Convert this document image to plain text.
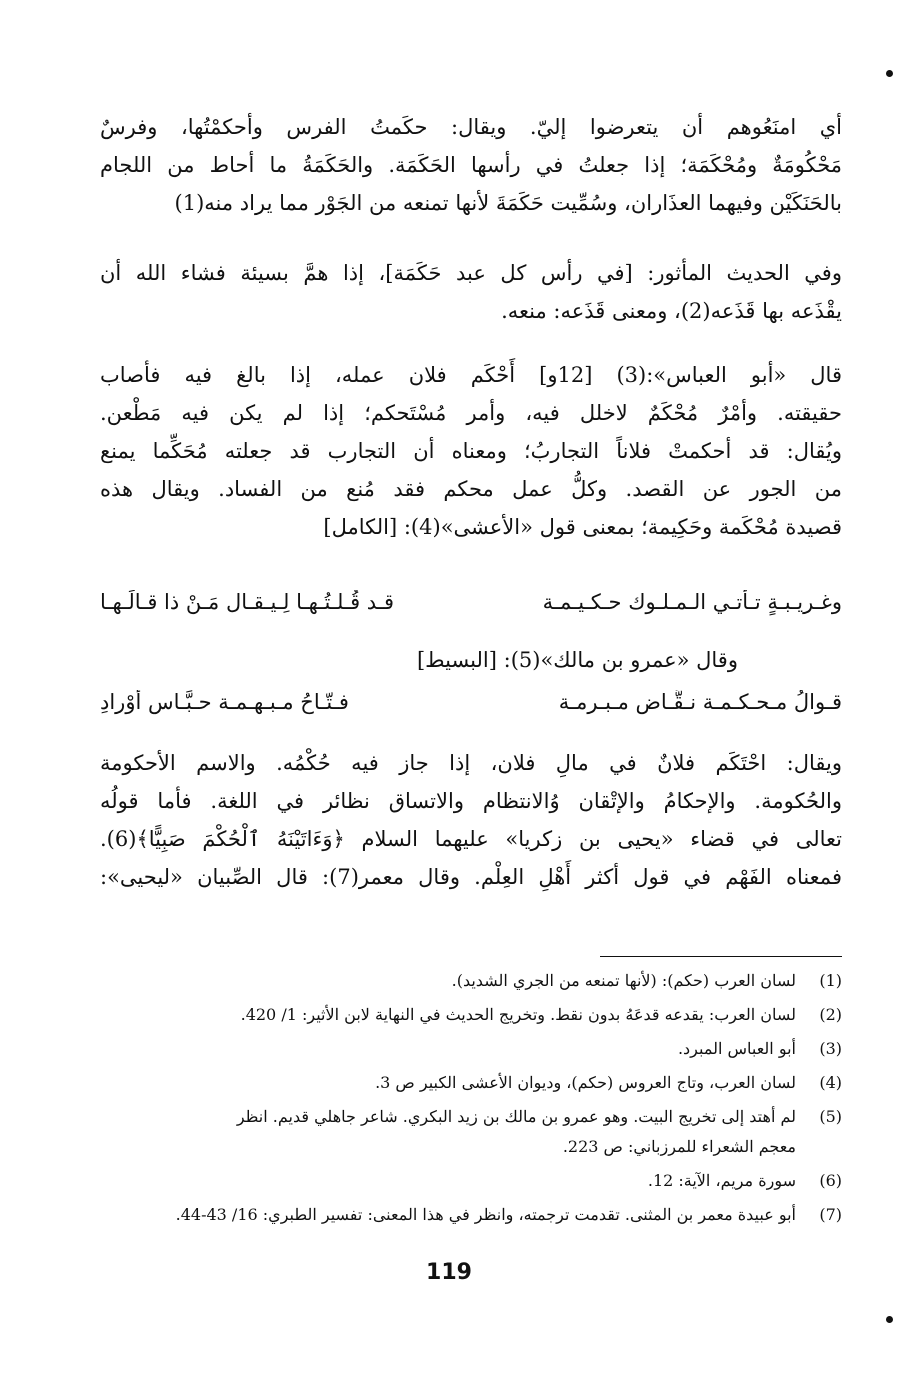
أي امنَعُوهم أن يتعرضوا إليّ. ويقال: حكَمتُ الفرس وأحكمْتُها، وفرسٌ
مَحْكُومَةٌ ومُحْكَمَة؛ إذا جعلتُ في رأسها الحَكَمَة. والحَكَمَةُ ما أحاط من اللجام
بالحَنَكَيْن وفيهما العذَاران، وسُمِّيت حَكَمَةَ لأنها تمنعه من الجَوْر مما يراد منه(1)
وفي الحديث المأثور: [في رأس كل عبد حَكَمَة]، إذا همَّ بسيئة فشاء الله أن
يقْذَعه بها قَذَعه(2)، ومعنى قَذَعه: منعه.
قال «أبو العباس»:(3) [12و] أَحْكَم فلان عمله، إذا بالغ فيه فأصاب
حقيقته. وأمْرٌ مُحْكَمٌ لاخلل فيه، وأمر مُسْتَحكم؛ إذا لم يكن فيه مَطْعن.
ويُقال: قد أحكمتْ فلاناً التجاربُ؛ ومعناه أن التجارب قد جعلته مُحَكِّما يمنع
من الجور عن القصد. وكلُّ عمل محكم فقد مُنع من الفساد. ويقال هذه
قصيدة مُحْكَمة وحَكِيمة؛ بمعنى قول «الأعشى»(4): [الكامل]
وغـريـبـةٍ تـأتـي الـمـلـوك حـكـيـمـة
قـد قُـلـتُـهـا لِـيـقـال مَـنْ ذا قـالَـهـا
وقال «عمرو بن مالك»(5): [البسيط]
قـوالُ مـحـكـمـة نـقَّـاض مـبـرمـة
فـتّـاحُ مـبـهـمـة حـبَّـاس أوْرادِ
ويقال: احْتَكَم فلانٌ في مالِ فلان، إذا جاز فيه حُكْمُه. والاسم الأحكومة
والحُكومة. والإحكامُ والإتْقان وُالانتظام والاتساق نظائر في اللغة. فأما قولُه
تعالى في قضاء «يحيى بن زكريا» عليهما السلام ﴿وَءَاتَيْنَهُ ٱلْحُكْمَ صَبِيًّا﴾(6).
فمعناه الفَهْم في قول أكثر أَهْلِ العِلْم. وقال معمر(7): قال الصِّبيان «ليحيى»:
(1)
لسان العرب (حكم): (لأنها تمنعه من الجري الشديد).
(2)
لسان العرب: يقدعه قدعَهُ بدون نقط. وتخريج الحديث في النهاية لابن الأثير: 1/ 420.
(3)
أبو العباس المبرد.
(4)
لسان العرب، وتاج العروس (حكم)، وديوان الأعشى الكبير ص 3.
(5)
لم أهتد إلى تخريج البيت. وهو عمرو بن مالك بن زيد البكري. شاعر جاهلي قديم. انظر
معجم الشعراء للمرزباني: ص 223.
(6)
سورة مريم، الآية: 12.
(7)
أبو عبيدة معمر بن المثنى. تقدمت ترجمته، وانظر في هذا المعنى: تفسير الطبري: 16/ 43-44.
119
